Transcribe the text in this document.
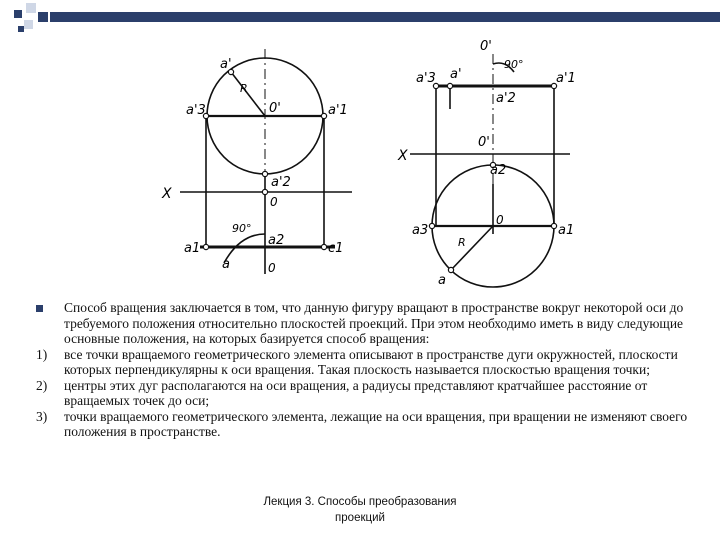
a'
R
a'3	0'	a'1
a'2
0
X
90°
a1
a2
c1
a	0
0'
90°
a'3 a'
a'2
a'1
0'
X
a2
a3
0
a1
R
a

Способ вращения заключается в том, что данную фигуру вращают в пространстве вокруг некоторой оси до требуемого положения относительно плоскостей проекций. При этом необходимо иметь в виду следующие основные положения, на которых базируется способ вращения:

1) все точки вращаемого геометрического элемента описывают в пространстве дуги окружностей, плоскости которых перпендикулярны к оси вращения. Такая плоскость называется плоскостью вращения точки;

2) центры этих дуг располагаются на оси вращения, а радиусы представляют кратчайшее расстояние от вращаемых точек до оси;

3) точки вращаемого геометрического элемента, лежащие на оси вращения, при вращении не изменяют своего положения в пространстве.

Лекция 3. Способы преобразования
проекций
